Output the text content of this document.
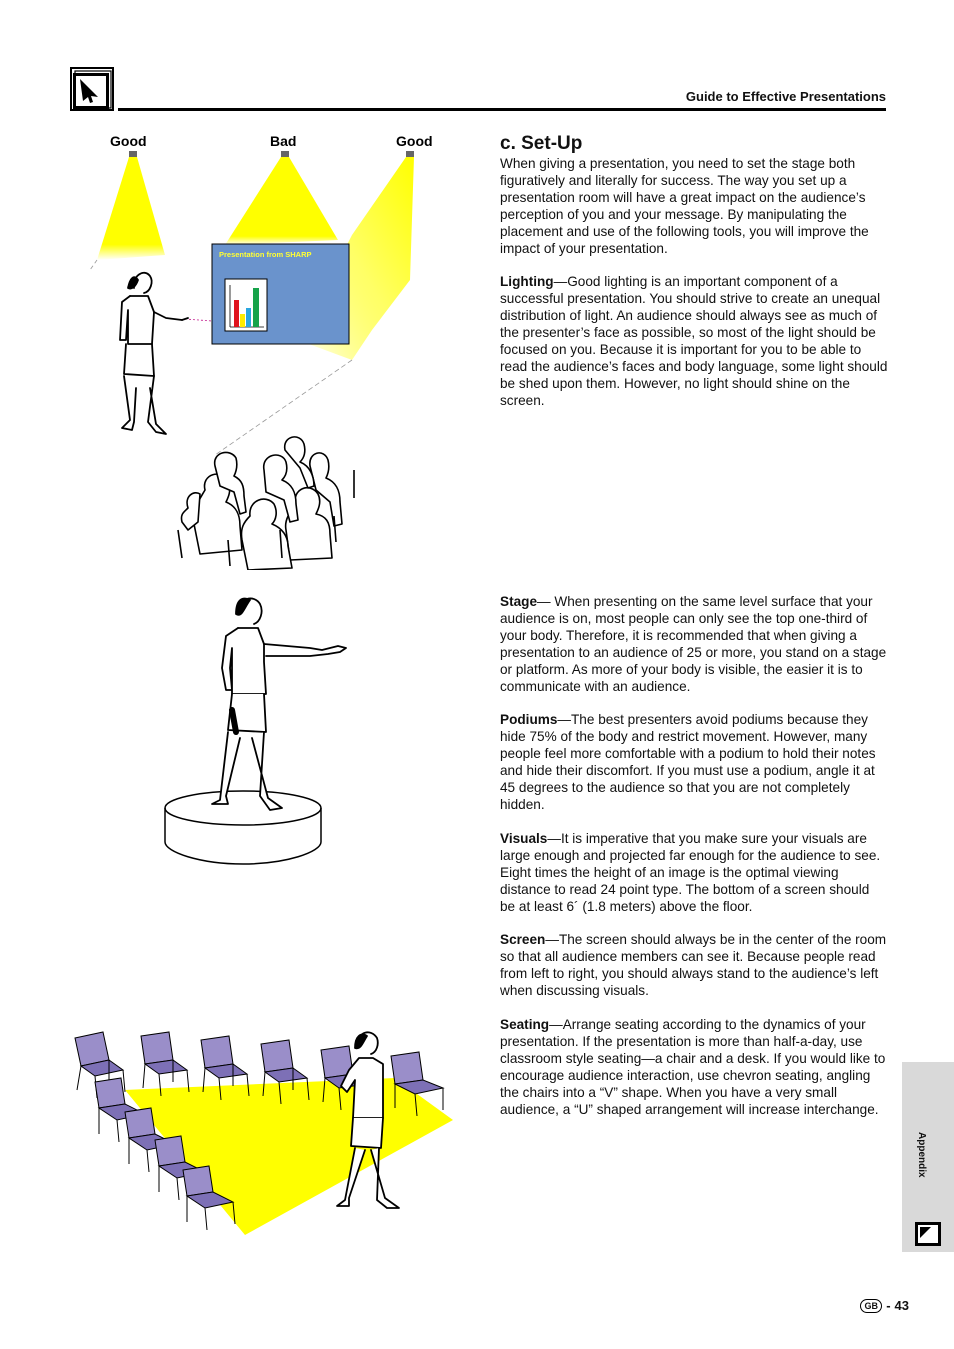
Guide to Effective Presentations
Good	Bad	Good
Presentation from SHARP
c. Set-Up

When giving a presentation, you need to set the stage both figuratively and literally for success. The way you set up a presentation room will have a great impact on the audience’s perception of you and your message. By manipulating the placement and use of the following tools, you will improve the impact of your presentation.

Lighting—Good lighting is an important component of a successful presentation. You should strive to create an unequal distribution of light. An audience should always see as much of the presenter’s face as possible, so most of the light should be focused on you. Because it is important for you to be able to read the audience’s faces and body language, some light should be shed upon them. However, no light should shine on the screen.

Stage— When presenting on the same level surface that your audience is on, most people can only see the top one-third of your body. Therefore, it is recommended that when giving a presentation to an audience of 25 or more, you stand on a stage or platform. As more of your body is visible, the easier it is to communicate with an audience.

Podiums—The best presenters avoid podiums because they hide 75% of the body and restrict movement. However, many people feel more comfortable with a podium to hold their notes and hide their discomfort. If you must use a podium, angle it at 45 degrees to the audience so that you are not completely hidden.

Visuals—It is imperative that you make sure your visuals are large enough and projected far enough for the audience to see. Eight times the height of an image is the optimal viewing distance to read 24 point type. The bottom of a screen should be at least 6´ (1.8 meters) above the floor.

Screen—The screen should always be in the center of the room so that all audience members can see it. Because people read from left to right, you should always stand to the audience’s left when discussing visuals.

Seating—Arrange seating according to the dynamics of your presentation. If the presentation is more than half-a-day, use classroom style seating—a chair and a desk. If you would like to encourage audience interaction, use chevron seating, angling the chairs into a “V” shape. When you have a very small audience, a “U” shaped arrangement will increase interchange.

Appendix
GB - 43
